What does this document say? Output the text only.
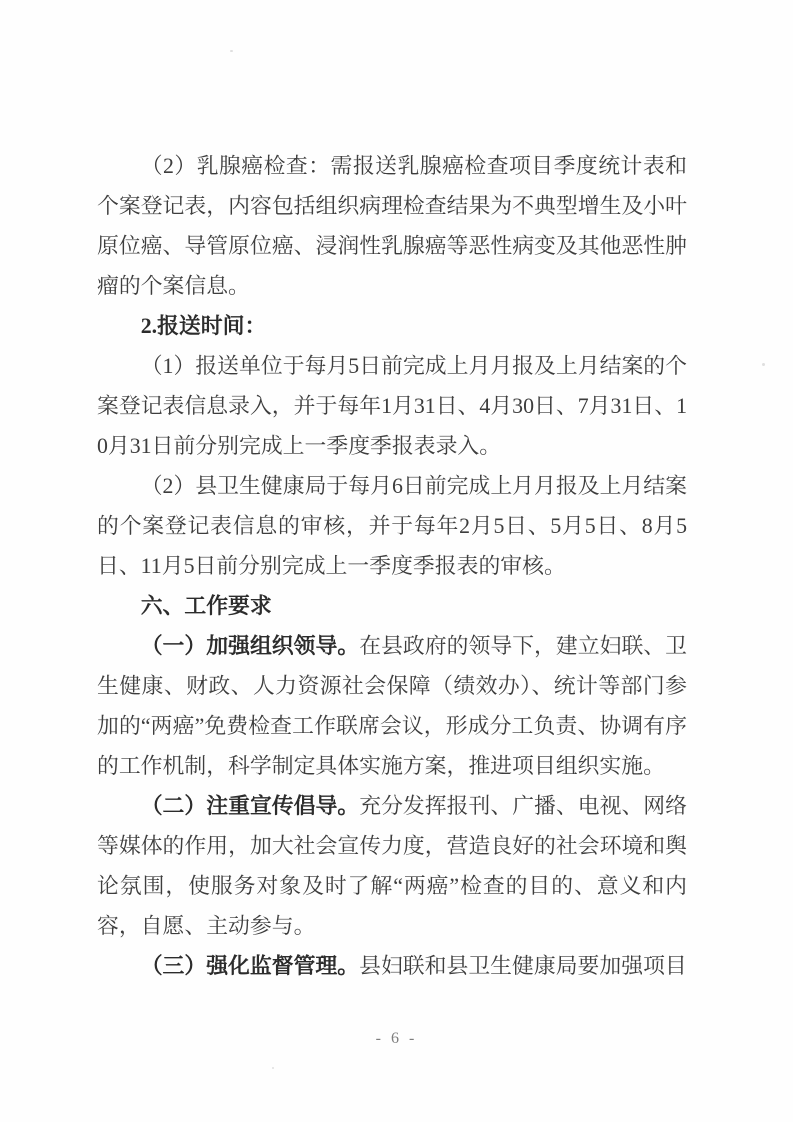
（2）乳腺癌检查：需报送乳腺癌检查项目季度统计表和个案登记表，内容包括组织病理检查结果为不典型增生及小叶原位癌、导管原位癌、浸润性乳腺癌等恶性病变及其他恶性肿瘤的个案信息。

2.报送时间：

（1）报送单位于每月5日前完成上月月报及上月结案的个案登记表信息录入，并于每年1月31日、4月30日、7月31日、10月31日前分别完成上一季度季报表录入。

（2）县卫生健康局于每月6日前完成上月月报及上月结案的个案登记表信息的审核，并于每年2月5日、5月5日、8月5日、11月5日前分别完成上一季度季报表的审核。

六、工作要求

（一）加强组织领导。在县政府的领导下，建立妇联、卫生健康、财政、人力资源社会保障（绩效办）、统计等部门参加的“两癌”免费检查工作联席会议，形成分工负责、协调有序的工作机制，科学制定具体实施方案，推进项目组织实施。

（二）注重宣传倡导。充分发挥报刊、广播、电视、网络等媒体的作用，加大社会宣传力度，营造良好的社会环境和舆论氛围，使服务对象及时了解“两癌”检查的目的、意义和内容，自愿、主动参与。

（三）强化监督管理。县妇联和县卫生健康局要加强项目

- 6 -
